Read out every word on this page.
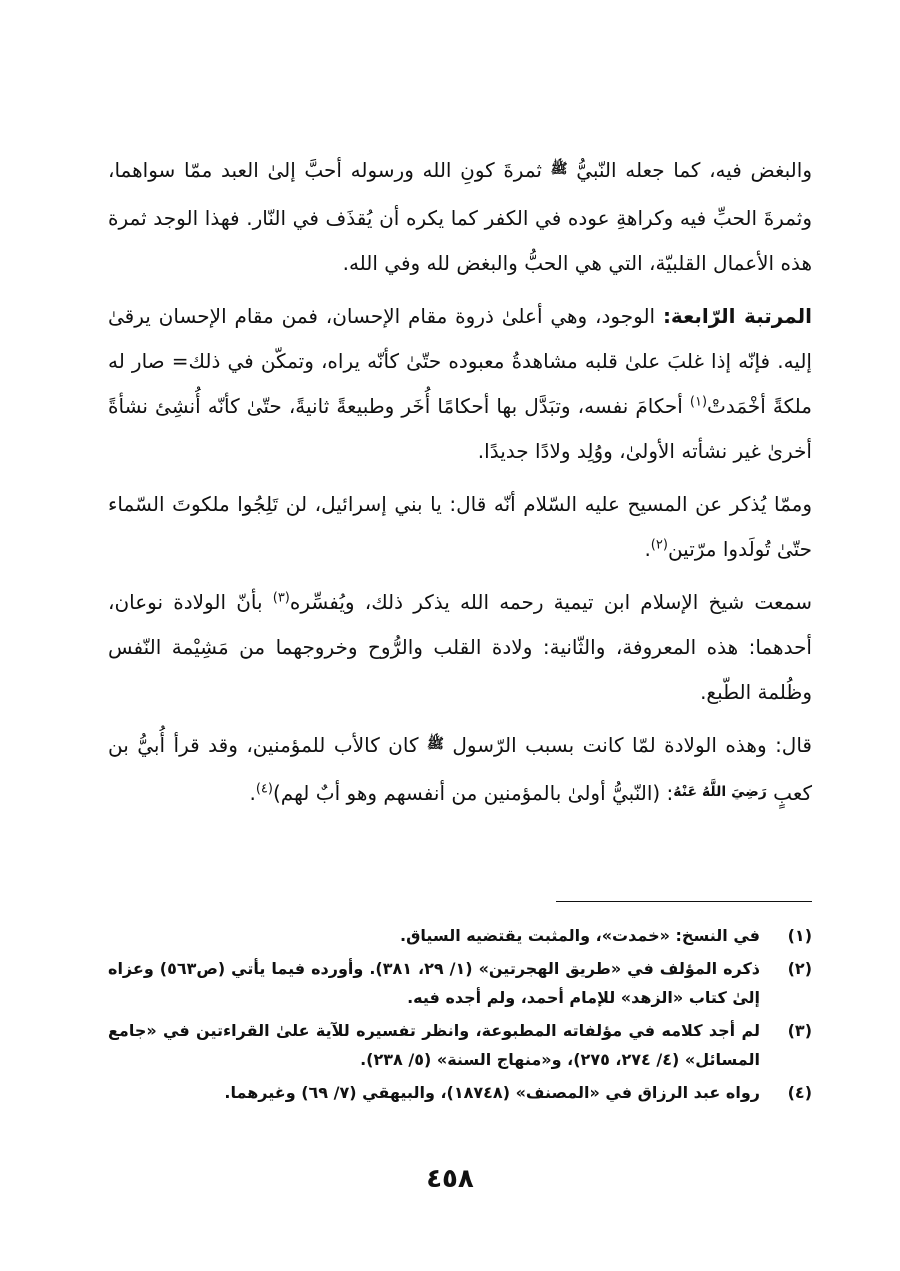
والبغض فيه، كما جعله النّبيُّ ﷺ ثمرةَ كونِ الله ورسوله أحبَّ إلىٰ العبد ممّا سواهما، وثمرةَ الحبِّ فيه وكراهةِ عوده في الكفر كما يكره أن يُقذَف في النّار. فهذا الوجد ثمرة هذه الأعمال القلبيّة، التي هي الحبُّ والبغض لله وفي الله.

المرتبة الرّابعة: الوجود، وهي أعلىٰ ذروة مقام الإحسان، فمن مقام الإحسان يرقىٰ إليه. فإنّه إذا غلبَ علىٰ قلبه مشاهدةُ معبوده حتّىٰ كأنّه يراه، وتمكّن في ذلك= صار له ملكةً أخْمَدتْ$^{(١)}$ أحكامَ نفسه، وتبَدَّل بها أحكامًا أُخَر وطبيعةً ثانيةً، حتّىٰ كأنّه أُنشِئ نشأةً أخرىٰ غير نشأته الأولىٰ، ووُلِد ولادًا جديدًا.

وممّا يُذكر عن المسيح عليه السّلام أنّه قال: يا بني إسرائيل، لن تَلِجُوا ملكوتَ السّماء حتّىٰ تُولَدوا مرّتين$^{(٢)}$.

سمعت شيخ الإسلام ابن تيمية رحمه الله يذكر ذلك، ويُفسِّره$^{(٣)}$ بأنّ الولادة نوعان، أحدهما: هذه المعروفة، والثّانية: ولادة القلب والرُّوح وخروجهما من مَشِيْمة النّفس وظُلمة الطّبع.

قال: وهذه الولادة لمّا كانت بسبب الرّسول ﷺ كان كالأب للمؤمنين، وقد قرأ أُبيُّ بن كعبٍ رَضِيَ اللَّهُ عَنْهُ: (النّبيُّ أولىٰ بالمؤمنين من أنفسهم وهو أبٌ لهم)$^{(٤)}$.

(١)
في النسخ: «خمدت»، والمثبت يقتضيه السياق.
(٢)
ذكره المؤلف في «طريق الهجرتين» (١/ ٢٩، ٣٨١). وأورده فيما يأتي (ص٥٦٣) وعزاه إلىٰ كتاب «الزهد» للإمام أحمد، ولم أجده فيه.
(٣)
لم أجد كلامه في مؤلفاته المطبوعة، وانظر تفسيره للآية علىٰ القراءتين في «جامع المسائل» (٤/ ٢٧٤، ٢٧٥)، و«منهاج السنة» (٥/ ٢٣٨).
(٤)
رواه عبد الرزاق في «المصنف» (١٨٧٤٨)، والبيهقي (٧/ ٦٩) وغيرهما.
٤٥٨
